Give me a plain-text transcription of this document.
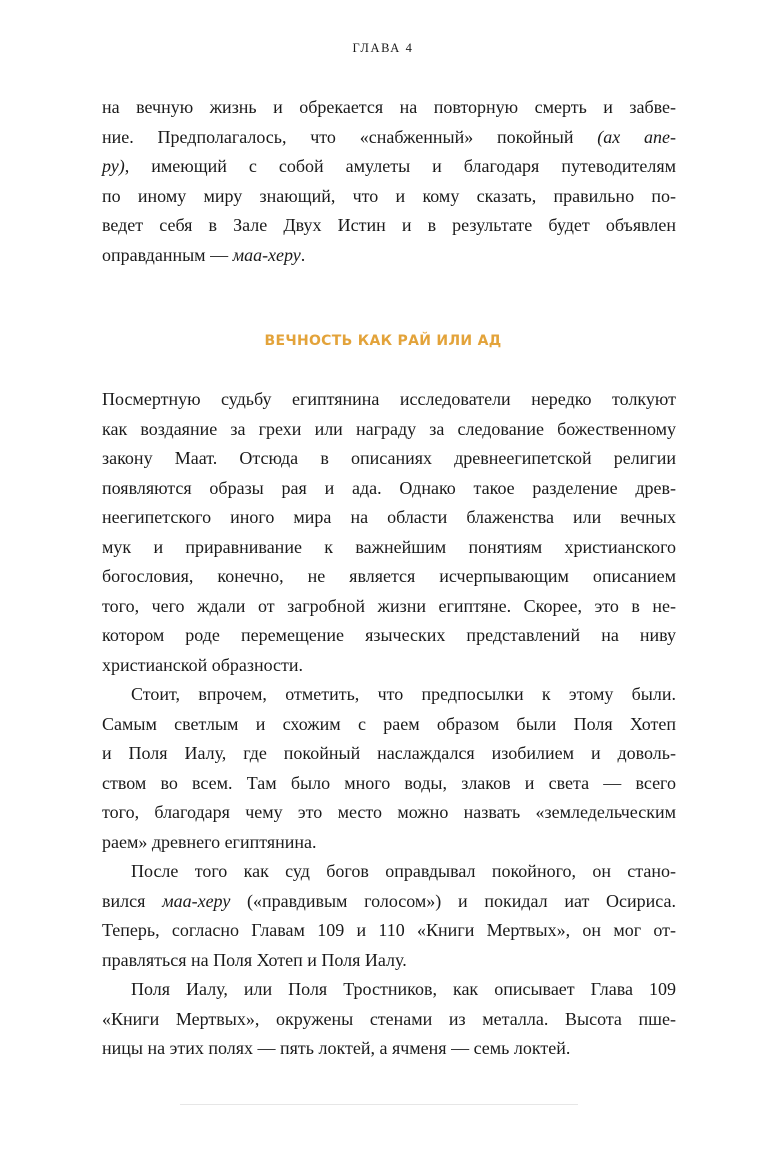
ГЛАВА 4
на вечную жизнь и обрекается на повторную смерть и забве-
ние. Предполагалось, что «снабженный» покойный (ах апе-
ру), имеющий с собой амулеты и благодаря путеводителям
по иному миру знающий, что и кому сказать, правильно по-
ведет себя в Зале Двух Истин и в результате будет объявлен
оправданным — маа-херу.
ВЕЧНОСТЬ КАК РАЙ ИЛИ АД
Посмертную судьбу египтянина исследователи нередко толкуют
как воздаяние за грехи или награду за следование божественному
закону Маат. Отсюда в описаниях древнеегипетской религии
появляются образы рая и ада. Однако такое разделение древ-
неегипетского иного мира на области блаженства или вечных
мук и приравнивание к важнейшим понятиям христианского
богословия, конечно, не является исчерпывающим описанием
того, чего ждали от загробной жизни египтяне. Скорее, это в не-
котором роде перемещение языческих представлений на ниву
христианской образности.
Стоит, впрочем, отметить, что предпосылки к этому были.
Самым светлым и схожим с раем образом были Поля Хотеп
и Поля Иалу, где покойный наслаждался изобилием и доволь-
ством во всем. Там было много воды, злаков и света — всего
того, благодаря чему это место можно назвать «земледельческим
раем» древнего египтянина.
После того как суд богов оправдывал покойного, он стано-
вился маа-херу («правдивым голосом») и покидал иат Осириса.
Теперь, согласно Главам 109 и 110 «Книги Мертвых», он мог от-
правляться на Поля Хотеп и Поля Иалу.
Поля Иалу, или Поля Тростников, как описывает Глава 109
«Книги Мертвых», окружены стенами из металла. Высота пше-
ницы на этих полях — пять локтей, а ячменя — семь локтей.
